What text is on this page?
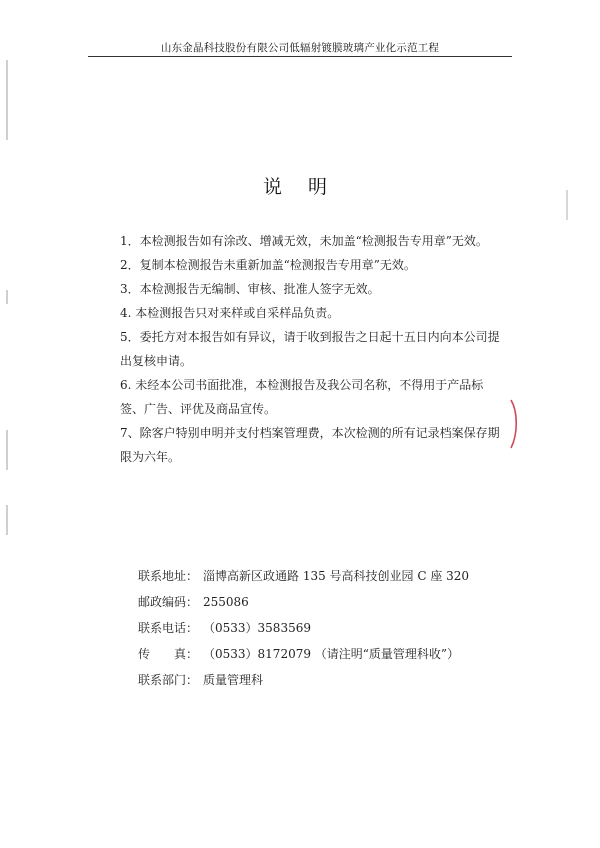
山东金晶科技股份有限公司低辐射镀膜玻璃产业化示范工程
说 明

1．本检测报告如有涂改、增减无效，未加盖“检测报告专用章”无效。

2．复制本检测报告未重新加盖“检测报告专用章”无效。

3．本检测报告无编制、审核、批准人签字无效。

4. 本检测报告只对来样或自采样品负责。

5．委托方对本报告如有异议，请于收到报告之日起十五日内向本公司提出复核申请。

6. 未经本公司书面批准，本检测报告及我公司名称，不得用于产品标签、广告、评优及商品宣传。

7、除客户特别申明并支付档案管理费，本次检测的所有记录档案保存期限为六年。

联系地址： 淄博高新区政通路 135 号高科技创业园 C 座 320
邮政编码： 255086
联系电话： （0533）3583569
传　　真： （0533）8172079 （请注明“质量管理科收”）
联系部门： 质量管理科
